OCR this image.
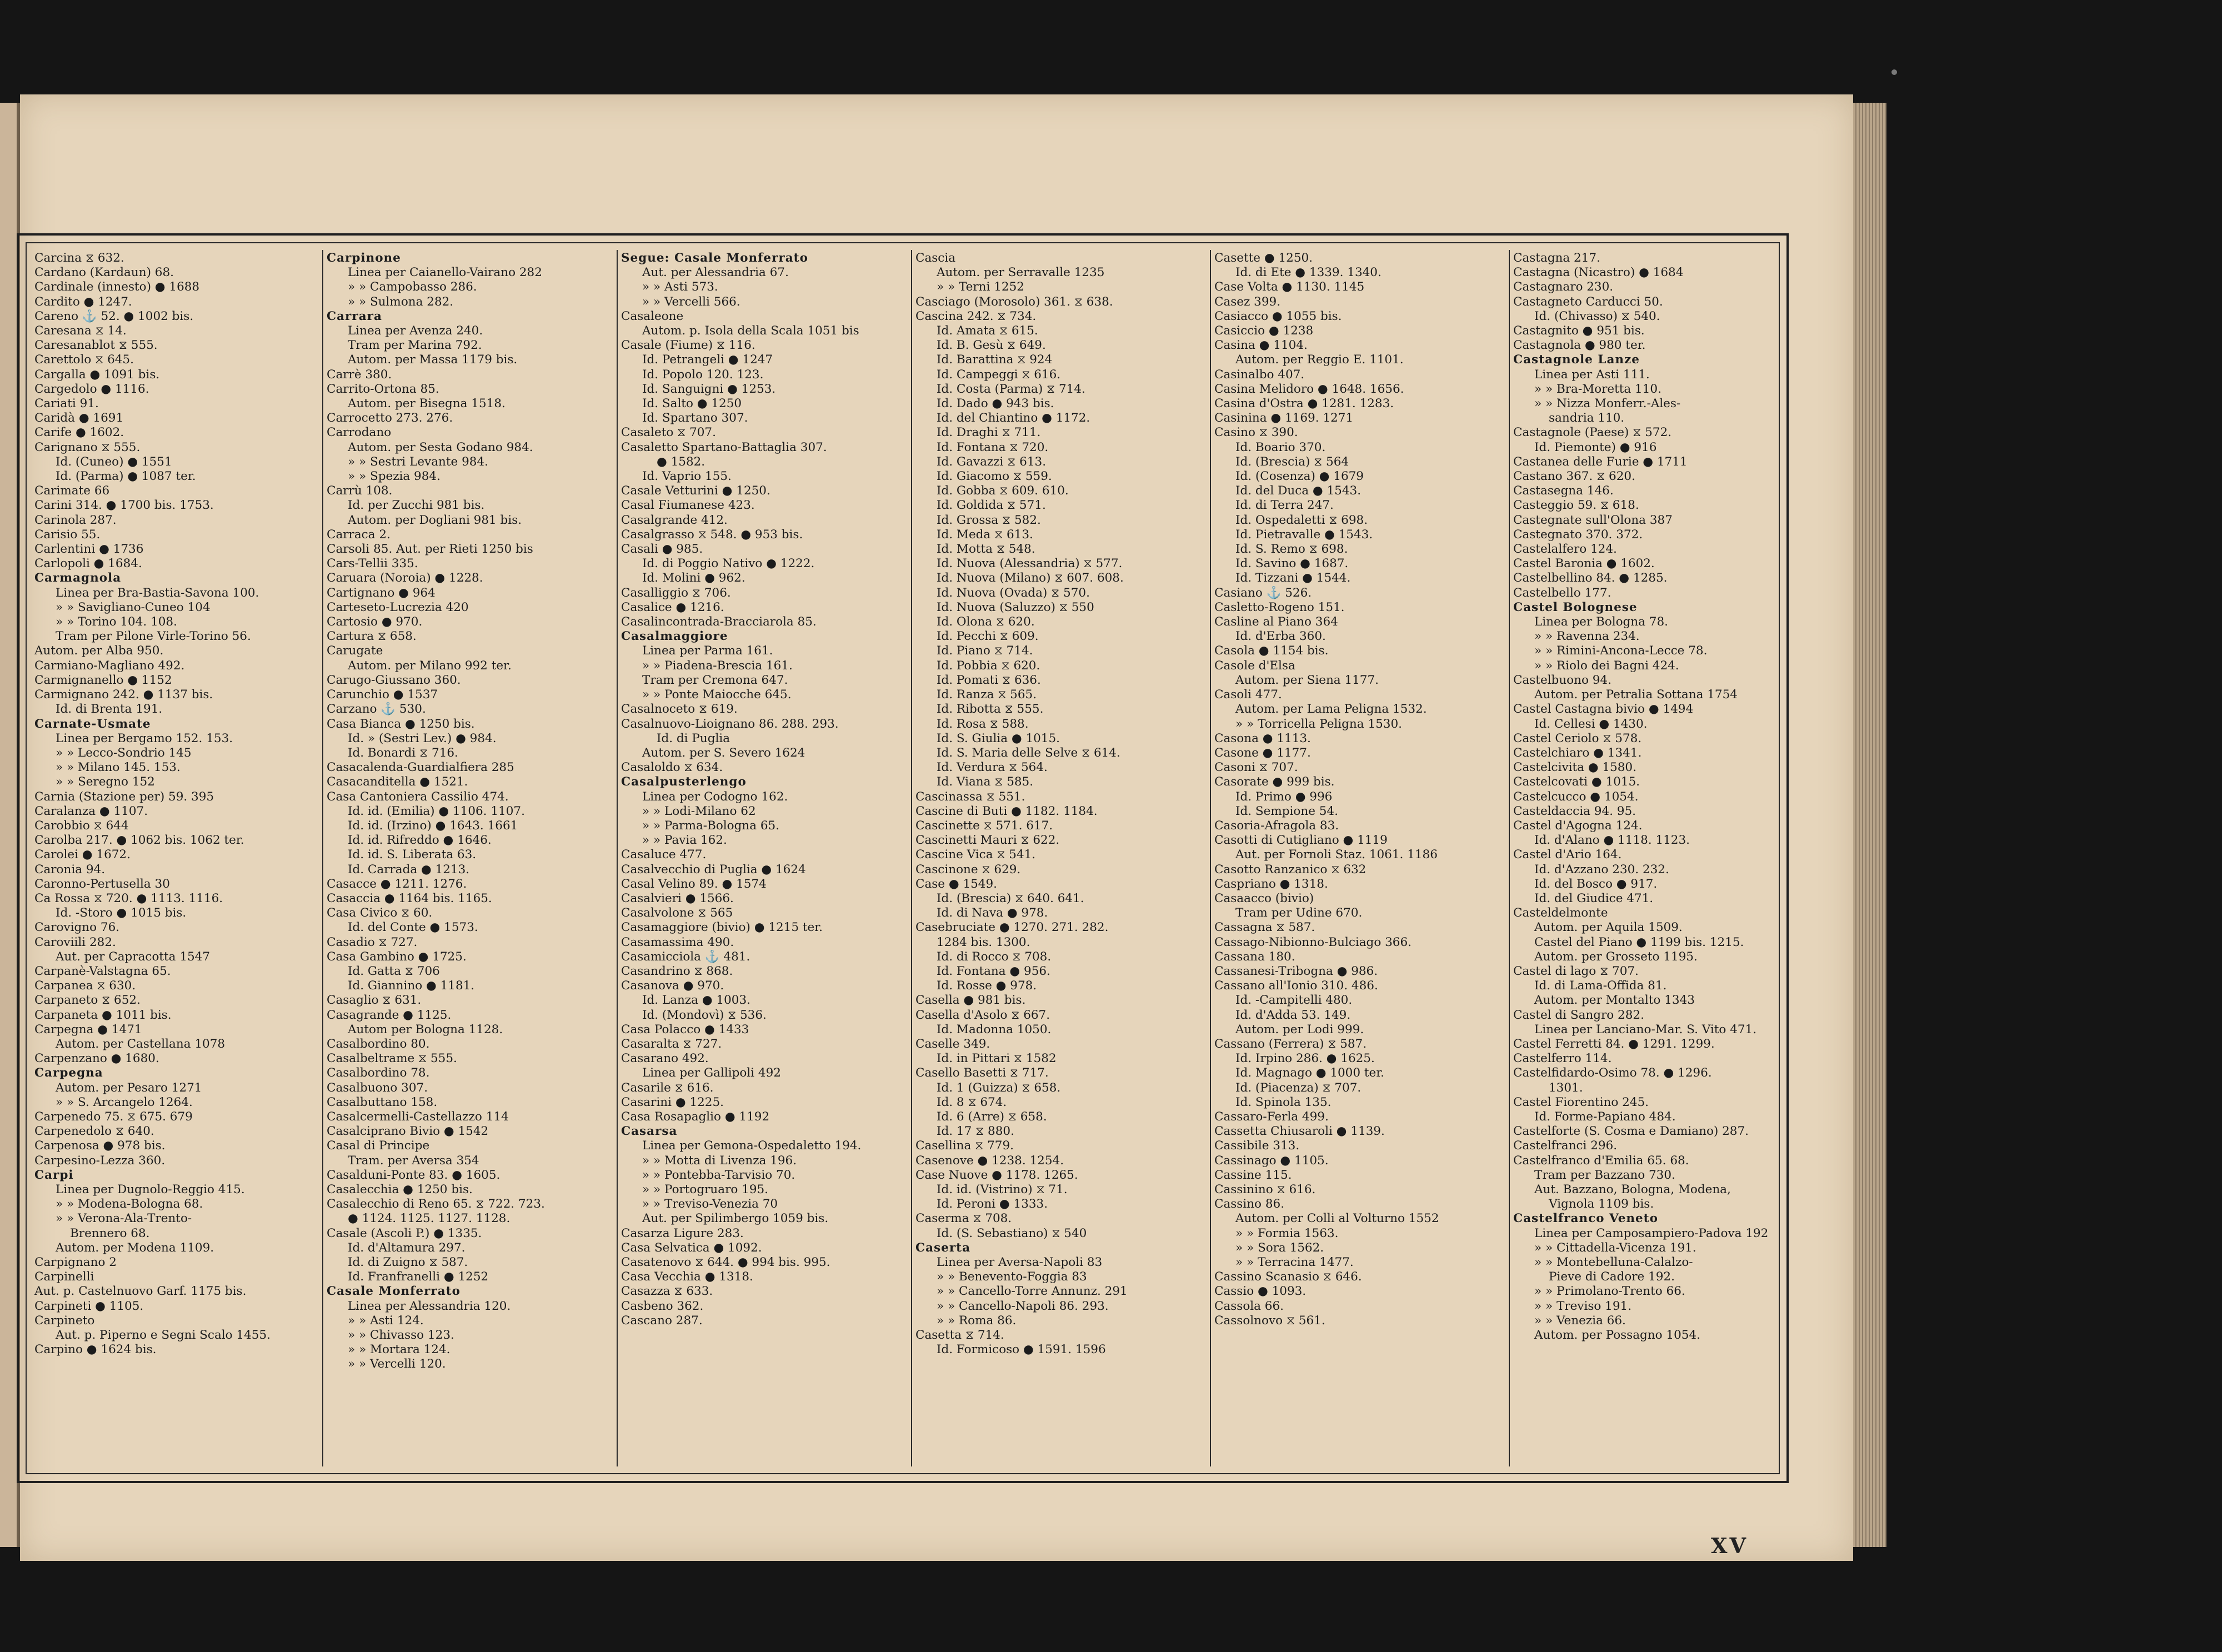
Carcina ⧖ 632.
Cardano (Kardaun) 68.
Cardinale (innesto) ● 1688
Cardito ● 1247.
Careno ⚓ 52. ● 1002 bis.
Caresana ⧖ 14.
Caresanablot ⧖ 555.
Carettolo ⧖ 645.
Cargalla ● 1091 bis.
Cargedolo ● 1116.
Cariati 91.
Caridà ● 1691
Carife ● 1602.
Carignano ⧖ 555.
Id. (Cuneo) ● 1551
Id. (Parma) ● 1087 ter.
Carimate 66
Carini 314. ● 1700 bis. 1753.
Carinola 287.
Carisio 55.
Carlentini ● 1736
Carlopoli ● 1684.
Carmagnola
Linea per Bra-Bastia-Savona 100.
» » Savigliano-Cuneo 104
» » Torino 104. 108.
Tram per Pilone Virle-Torino 56.
Autom. per Alba 950.
Carmiano-Magliano 492.
Carmignanello ● 1152
Carmignano 242. ● 1137 bis.
Id. di Brenta 191.
Carnate-Usmate
Linea per Bergamo 152. 153.
» » Lecco-Sondrio 145
» » Milano 145. 153.
» » Seregno 152
Carnia (Stazione per) 59. 395
Caralanza ● 1107.
Carobbio ⧖ 644
Carolba 217. ● 1062 bis. 1062 ter.
Carolei ● 1672.
Caronia 94.
Caronno-Pertusella 30
Ca Rossa ⧖ 720. ● 1113. 1116.
Id. -Storo ● 1015 bis.
Carovigno 76.
Caroviili 282.
Aut. per Capracotta 1547
Carpanè-Valstagna 65.
Carpanea ⧖ 630.
Carpaneto ⧖ 652.
Carpaneta ● 1011 bis.
Carpegna ● 1471
Autom. per Castellana 1078
Carpenzano ● 1680.
Carpegna
Autom. per Pesaro 1271
» » S. Arcangelo 1264.
Carpenedo 75. ⧖ 675. 679
Carpenedolo ⧖ 640.
Carpenosa ● 978 bis.
Carpesino-Lezza 360.
Carpi
Linea per Dugnolo-Reggio 415.
» » Modena-Bologna 68.
» » Verona-Ala-Trento-
Brennero 68.
Autom. per Modena 1109.
Carpignano 2
Carpinelli
Aut. p. Castelnuovo Garf. 1175 bis.
Carpineti ● 1105.
Carpineto
Aut. p. Piperno e Segni Scalo 1455.
Carpino ● 1624 bis.
Carpinone
Linea per Caianello-Vairano 282
» » Campobasso 286.
» » Sulmona 282.
Carrara
Linea per Avenza 240.
Tram per Marina 792.
Autom. per Massa 1179 bis.
Carrè 380.
Carrito-Ortona 85.
Autom. per Bisegna 1518.
Carrocetto 273. 276.
Carrodano
Autom. per Sesta Godano 984.
» » Sestri Levante 984.
» » Spezia 984.
Carrù 108.
Id. per Zucchi 981 bis.
Autom. per Dogliani 981 bis.
Carraca 2.
Carsoli 85. Aut. per Rieti 1250 bis
Cars-Tellii 335.
Caruara (Noroia) ● 1228.
Cartignano ● 964
Carteseto-Lucrezia 420
Cartosio ● 970.
Cartura ⧖ 658.
Carugate
Autom. per Milano 992 ter.
Carugo-Giussano 360.
Carunchio ● 1537
Carzano ⚓ 530.
Casa Bianca ● 1250 bis.
Id. » (Sestri Lev.) ● 984.
Id. Bonardi ⧖ 716.
Casacalenda-Guardialfiera 285
Casacanditella ● 1521.
Casa Cantoniera Cassilio 474.
Id. id. (Emilia) ● 1106. 1107.
Id. id. (Irzino) ● 1643. 1661
Id. id. Rifreddo ● 1646.
Id. id. S. Liberata 63.
Id. Carrada ● 1213.
Casacce ● 1211. 1276.
Casaccia ● 1164 bis. 1165.
Casa Civico ⧖ 60.
Id. del Conte ● 1573.
Casadio ⧖ 727.
Casa Gambino ● 1725.
Id. Gatta ⧖ 706
Id. Giannino ● 1181.
Casaglio ⧖ 631.
Casagrande ● 1125.
Autom per Bologna 1128.
Casalbordino 80.
Casalbeltrame ⧖ 555.
Casalbordino 78.
Casalbuono 307.
Casalbuttano 158.
Casalcermelli-Castellazzo 114
Casalciprano Bivio ● 1542
Casal di Principe
Tram. per Aversa 354
Casalduni-Ponte 83. ● 1605.
Casalecchia ● 1250 bis.
Casalecchio di Reno 65. ⧖ 722. 723.
● 1124. 1125. 1127. 1128.
Casale (Ascoli P.) ● 1335.
Id. d'Altamura 297.
Id. di Zuigno ⧖ 587.
Id. Franfranelli ● 1252
Casale Monferrato
Linea per Alessandria 120.
» » Asti 124.
» » Chivasso 123.
» » Mortara 124.
» » Vercelli 120.
Segue: Casale Monferrato
Aut. per Alessandria 67.
» » Asti 573.
» » Vercelli 566.
Casaleone
Autom. p. Isola della Scala 1051 bis
Casale (Fiume) ⧖ 116.
Id. Petrangeli ● 1247
Id. Popolo 120. 123.
Id. Sanguigni ● 1253.
Id. Salto ● 1250
Id. Spartano 307.
Casaleto ⧖ 707.
Casaletto Spartano-Battaglia 307.
● 1582.
Id. Vaprio 155.
Casale Vetturini ● 1250.
Casal Fiumanese 423.
Casalgrande 412.
Casalgrasso ⧖ 548. ● 953 bis.
Casali ● 985.
Id. di Poggio Nativo ● 1222.
Id. Molini ● 962.
Casalliggio ⧖ 706.
Casalice ● 1216.
Casalincontrada-Bracciarola 85.
Casalmaggiore
Linea per Parma 161.
» » Piadena-Brescia 161.
Tram per Cremona 647.
» » Ponte Maiocche 645.
Casalnoceto ⧖ 619.
Casalnuovo-Lioignano 86. 288. 293.
Id. di Puglia
Autom. per S. Severo 1624
Casaloldo ⧖ 634.
Casalpusterlengo
Linea per Codogno 162.
» » Lodi-Milano 62
» » Parma-Bologna 65.
» » Pavia 162.
Casaluce 477.
Casalvecchio di Puglia ● 1624
Casal Velino 89. ● 1574
Casalvieri ● 1566.
Casalvolone ⧖ 565
Casamaggiore (bivio) ● 1215 ter.
Casamassima 490.
Casamicciola ⚓ 481.
Casandrino ⧖ 868.
Casanova ● 970.
Id. Lanza ● 1003.
Id. (Mondovì) ⧖ 536.
Casa Polacco ● 1433
Casaralta ⧖ 727.
Casarano 492.
Linea per Gallipoli 492
Casarile ⧖ 616.
Casarini ● 1225.
Casa Rosapaglio ● 1192
Casarsa
Linea per Gemona-Ospedaletto 194.
» » Motta di Livenza 196.
» » Pontebba-Tarvisio 70.
» » Portogruaro 195.
» » Treviso-Venezia 70
Aut. per Spilimbergo 1059 bis.
Casarza Ligure 283.
Casa Selvatica ● 1092.
Casatenovo ⧖ 644. ● 994 bis. 995.
Casa Vecchia ● 1318.
Casazza ⧖ 633.
Casbeno 362.
Cascano 287.
Cascia
Autom. per Serravalle 1235
» » Terni 1252
Casciago (Morosolo) 361. ⧖ 638.
Cascina 242. ⧖ 734.
Id. Amata ⧖ 615.
Id. B. Gesù ⧖ 649.
Id. Barattina ⧖ 924
Id. Campeggi ⧖ 616.
Id. Costa (Parma) ⧖ 714.
Id. Dado ● 943 bis.
Id. del Chiantino ● 1172.
Id. Draghi ⧖ 711.
Id. Fontana ⧖ 720.
Id. Gavazzi ⧖ 613.
Id. Giacomo ⧖ 559.
Id. Gobba ⧖ 609. 610.
Id. Goldida ⧖ 571.
Id. Grossa ⧖ 582.
Id. Meda ⧖ 613.
Id. Motta ⧖ 548.
Id. Nuova (Alessandria) ⧖ 577.
Id. Nuova (Milano) ⧖ 607. 608.
Id. Nuova (Ovada) ⧖ 570.
Id. Nuova (Saluzzo) ⧖ 550
Id. Olona ⧖ 620.
Id. Pecchi ⧖ 609.
Id. Piano ⧖ 714.
Id. Pobbia ⧖ 620.
Id. Pomati ⧖ 636.
Id. Ranza ⧖ 565.
Id. Ribotta ⧖ 555.
Id. Rosa ⧖ 588.
Id. S. Giulia ● 1015.
Id. S. Maria delle Selve ⧖ 614.
Id. Verdura ⧖ 564.
Id. Viana ⧖ 585.
Cascinassa ⧖ 551.
Cascine di Buti ● 1182. 1184.
Cascinette ⧖ 571. 617.
Cascinetti Mauri ⧖ 622.
Cascine Vica ⧖ 541.
Cascinone ⧖ 629.
Case ● 1549.
Id. (Brescia) ⧖ 640. 641.
Id. di Nava ● 978.
Casebruciate ● 1270. 271. 282.
1284 bis. 1300.
Id. di Rocco ⧖ 708.
Id. Fontana ● 956.
Id. Rosse ● 978.
Casella ● 981 bis.
Casella d'Asolo ⧖ 667.
Id. Madonna 1050.
Caselle 349.
Id. in Pittari ⧖ 1582
Casello Basetti ⧖ 717.
Id. 1 (Guizza) ⧖ 658.
Id. 8 ⧖ 674.
Id. 6 (Arre) ⧖ 658.
Id. 17 ⧖ 880.
Casellina ⧖ 779.
Casenove ● 1238. 1254.
Case Nuove ● 1178. 1265.
Id. id. (Vistrino) ⧖ 71.
Id. Peroni ● 1333.
Caserma ⧖ 708.
Id. (S. Sebastiano) ⧖ 540
Caserta
Linea per Aversa-Napoli 83
» » Benevento-Foggia 83
» » Cancello-Torre Annunz. 291
» » Cancello-Napoli 86. 293.
» » Roma 86.
Casetta ⧖ 714.
Id. Formicoso ● 1591. 1596
Casette ● 1250.
Id. di Ete ● 1339. 1340.
Case Volta ● 1130. 1145
Casez 399.
Casiacco ● 1055 bis.
Casiccio ● 1238
Casina ● 1104.
Autom. per Reggio E. 1101.
Casinalbo 407.
Casina Melidoro ● 1648. 1656.
Casina d'Ostra ● 1281. 1283.
Casinina ● 1169. 1271
Casino ⧖ 390.
Id. Boario 370.
Id. (Brescia) ⧖ 564
Id. (Cosenza) ● 1679
Id. del Duca ● 1543.
Id. di Terra 247.
Id. Ospedaletti ⧖ 698.
Id. Pietravalle ● 1543.
Id. S. Remo ⧖ 698.
Id. Savino ● 1687.
Id. Tizzani ● 1544.
Casiano ⚓ 526.
Casletto-Rogeno 151.
Casline al Piano 364
Id. d'Erba 360.
Casola ● 1154 bis.
Casole d'Elsa
Autom. per Siena 1177.
Casoli 477.
Autom. per Lama Peligna 1532.
» » Torricella Peligna 1530.
Casona ● 1113.
Casone ● 1177.
Casoni ⧖ 707.
Casorate ● 999 bis.
Id. Primo ● 996
Id. Sempione 54.
Casoria-Afragola 83.
Casotti di Cutigliano ● 1119
Aut. per Fornoli Staz. 1061. 1186
Casotto Ranzanico ⧖ 632
Caspriano ● 1318.
Casaacco (bivio)
Tram per Udine 670.
Cassagna ⧖ 587.
Cassago-Nibionno-Bulciago 366.
Cassana 180.
Cassanesi-Tribogna ● 986.
Cassano all'Ionio 310. 486.
Id. -Campitelli 480.
Id. d'Adda 53. 149.
Autom. per Lodi 999.
Cassano (Ferrera) ⧖ 587.
Id. Irpino 286. ● 1625.
Id. Magnago ● 1000 ter.
Id. (Piacenza) ⧖ 707.
Id. Spinola 135.
Cassaro-Ferla 499.
Cassetta Chiusaroli ● 1139.
Cassibile 313.
Cassinago ● 1105.
Cassine 115.
Cassinino ⧖ 616.
Cassino 86.
Autom. per Colli al Volturno 1552
» » Formia 1563.
» » Sora 1562.
» » Terracina 1477.
Cassino Scanasio ⧖ 646.
Cassio ● 1093.
Cassola 66.
Cassolnovo ⧖ 561.
Castagna 217.
Castagna (Nicastro) ● 1684
Castagnaro 230.
Castagneto Carducci 50.
Id. (Chivasso) ⧖ 540.
Castagnito ● 951 bis.
Castagnola ● 980 ter.
Castagnole Lanze
Linea per Asti 111.
» » Bra-Moretta 110.
» » Nizza Monferr.-Ales-
sandria 110.
Castagnole (Paese) ⧖ 572.
Id. Piemonte) ● 916
Castanea delle Furie ● 1711
Castano 367. ⧖ 620.
Castasegna 146.
Casteggio 59. ⧖ 618.
Castegnate sull'Olona 387
Castegnato 370. 372.
Castelalfero 124.
Castel Baronia ● 1602.
Castelbellino 84. ● 1285.
Castelbello 177.
Castel Bolognese
Linea per Bologna 78.
» » Ravenna 234.
» » Rimini-Ancona-Lecce 78.
» » Riolo dei Bagni 424.
Castelbuono 94.
Autom. per Petralia Sottana 1754
Castel Castagna bivio ● 1494
Id. Cellesi ● 1430.
Castel Ceriolo ⧖ 578.
Castelchiaro ● 1341.
Castelcivita ● 1580.
Castelcovati ● 1015.
Castelcucco ● 1054.
Casteldaccia 94. 95.
Castel d'Agogna 124.
Id. d'Alano ● 1118. 1123.
Castel d'Ario 164.
Id. d'Azzano 230. 232.
Id. del Bosco ● 917.
Id. del Giudice 471.
Casteldelmonte
Autom. per Aquila 1509.
Castel del Piano ● 1199 bis. 1215.
Autom. per Grosseto 1195.
Castel di lago ⧖ 707.
Id. di Lama-Offida 81.
Autom. per Montalto 1343
Castel di Sangro 282.
Linea per Lanciano-Mar. S. Vito 471.
Castel Ferretti 84. ● 1291. 1299.
Castelferro 114.
Castelfidardo-Osimo 78. ● 1296.
1301.
Castel Fiorentino 245.
Id. Forme-Papiano 484.
Castelforte (S. Cosma e Damiano) 287.
Castelfranci 296.
Castelfranco d'Emilia 65. 68.
Tram per Bazzano 730.
Aut. Bazzano, Bologna, Modena,
Vignola 1109 bis.
Castelfranco Veneto
Linea per Camposampiero-Padova 192
» » Cittadella-Vicenza 191.
» » Montebelluna-Calalzo-
Pieve di Cadore 192.
» » Primolano-Trento 66.
» » Treviso 191.
» » Venezia 66.
Autom. per Possagno 1054.
XV
